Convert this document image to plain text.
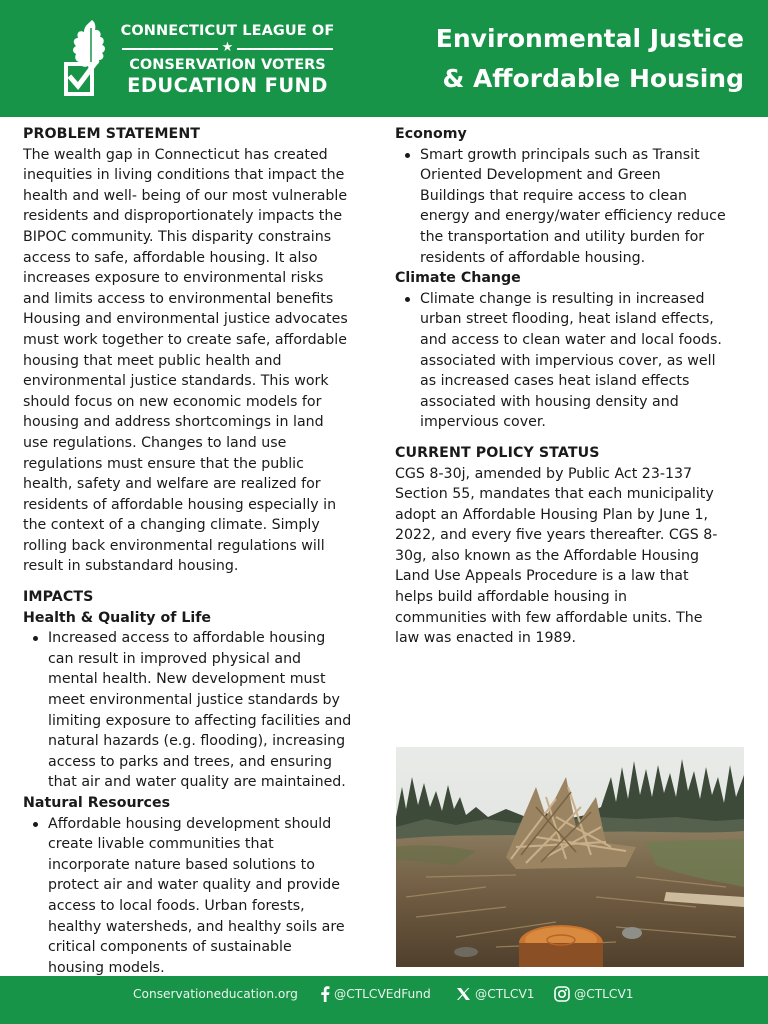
CONNECTICUT LEAGUE OF
★
CONSERVATION VOTERS
EDUCATION FUND
Environmental Justice
& Affordable Housing
PROBLEM STATEMENT
The wealth gap in Connecticut has created
inequities in living conditions that impact the
health and well- being of our most vulnerable
residents and disproportionately impacts the
BIPOC community. This disparity constrains
access to safe, affordable housing. It also
increases exposure to environmental risks
and limits access to environmental benefits
Housing and environmental justice advocates
must work together to create safe, affordable
housing that meet public health and
environmental justice standards. This work
should focus on new economic models for
housing and address shortcomings in land
use regulations. Changes to land use
regulations must ensure that the public
health, safety and welfare are realized for
residents of affordable housing especially in
the context of a changing climate. Simply
rolling back environmental regulations will
result in substandard housing.
IMPACTS
Health & Quality of Life
Increased access to affordable housing
can result in improved physical and
mental health. New development must
meet environmental justice standards by
limiting exposure to affecting facilities and
natural hazards (e.g. flooding), increasing
access to parks and trees, and ensuring
that air and water quality are maintained.
Natural Resources
Affordable housing development should
create livable communities that
incorporate nature based solutions to
protect air and water quality and provide
access to local foods. Urban forests,
healthy watersheds, and healthy soils are
critical components of sustainable
housing models.
Economy
Smart growth principals such as Transit
Oriented Development and Green
Buildings that require access to clean
energy and energy/water efficiency reduce
the transportation and utility burden for
residents of affordable housing.
Climate Change
Climate change is resulting in increased
urban street flooding, heat island effects,
and access to clean water and local foods.
associated with impervious cover, as well
as increased cases heat island effects
associated with housing density and
impervious cover.
CURRENT POLICY STATUS
CGS 8-30j, amended by Public Act 23-137
Section 55, mandates that each municipality
adopt an Affordable Housing Plan by June 1,
2022, and every five years thereafter. CGS 8-
30g, also known as the Affordable Housing
Land Use Appeals Procedure is a law that
helps build affordable housing in
communities with few affordable units. The
law was enacted in 1989.
Conservationeducation.org	@CTLCVEdFund	@CTLCV1	@CTLCV1
